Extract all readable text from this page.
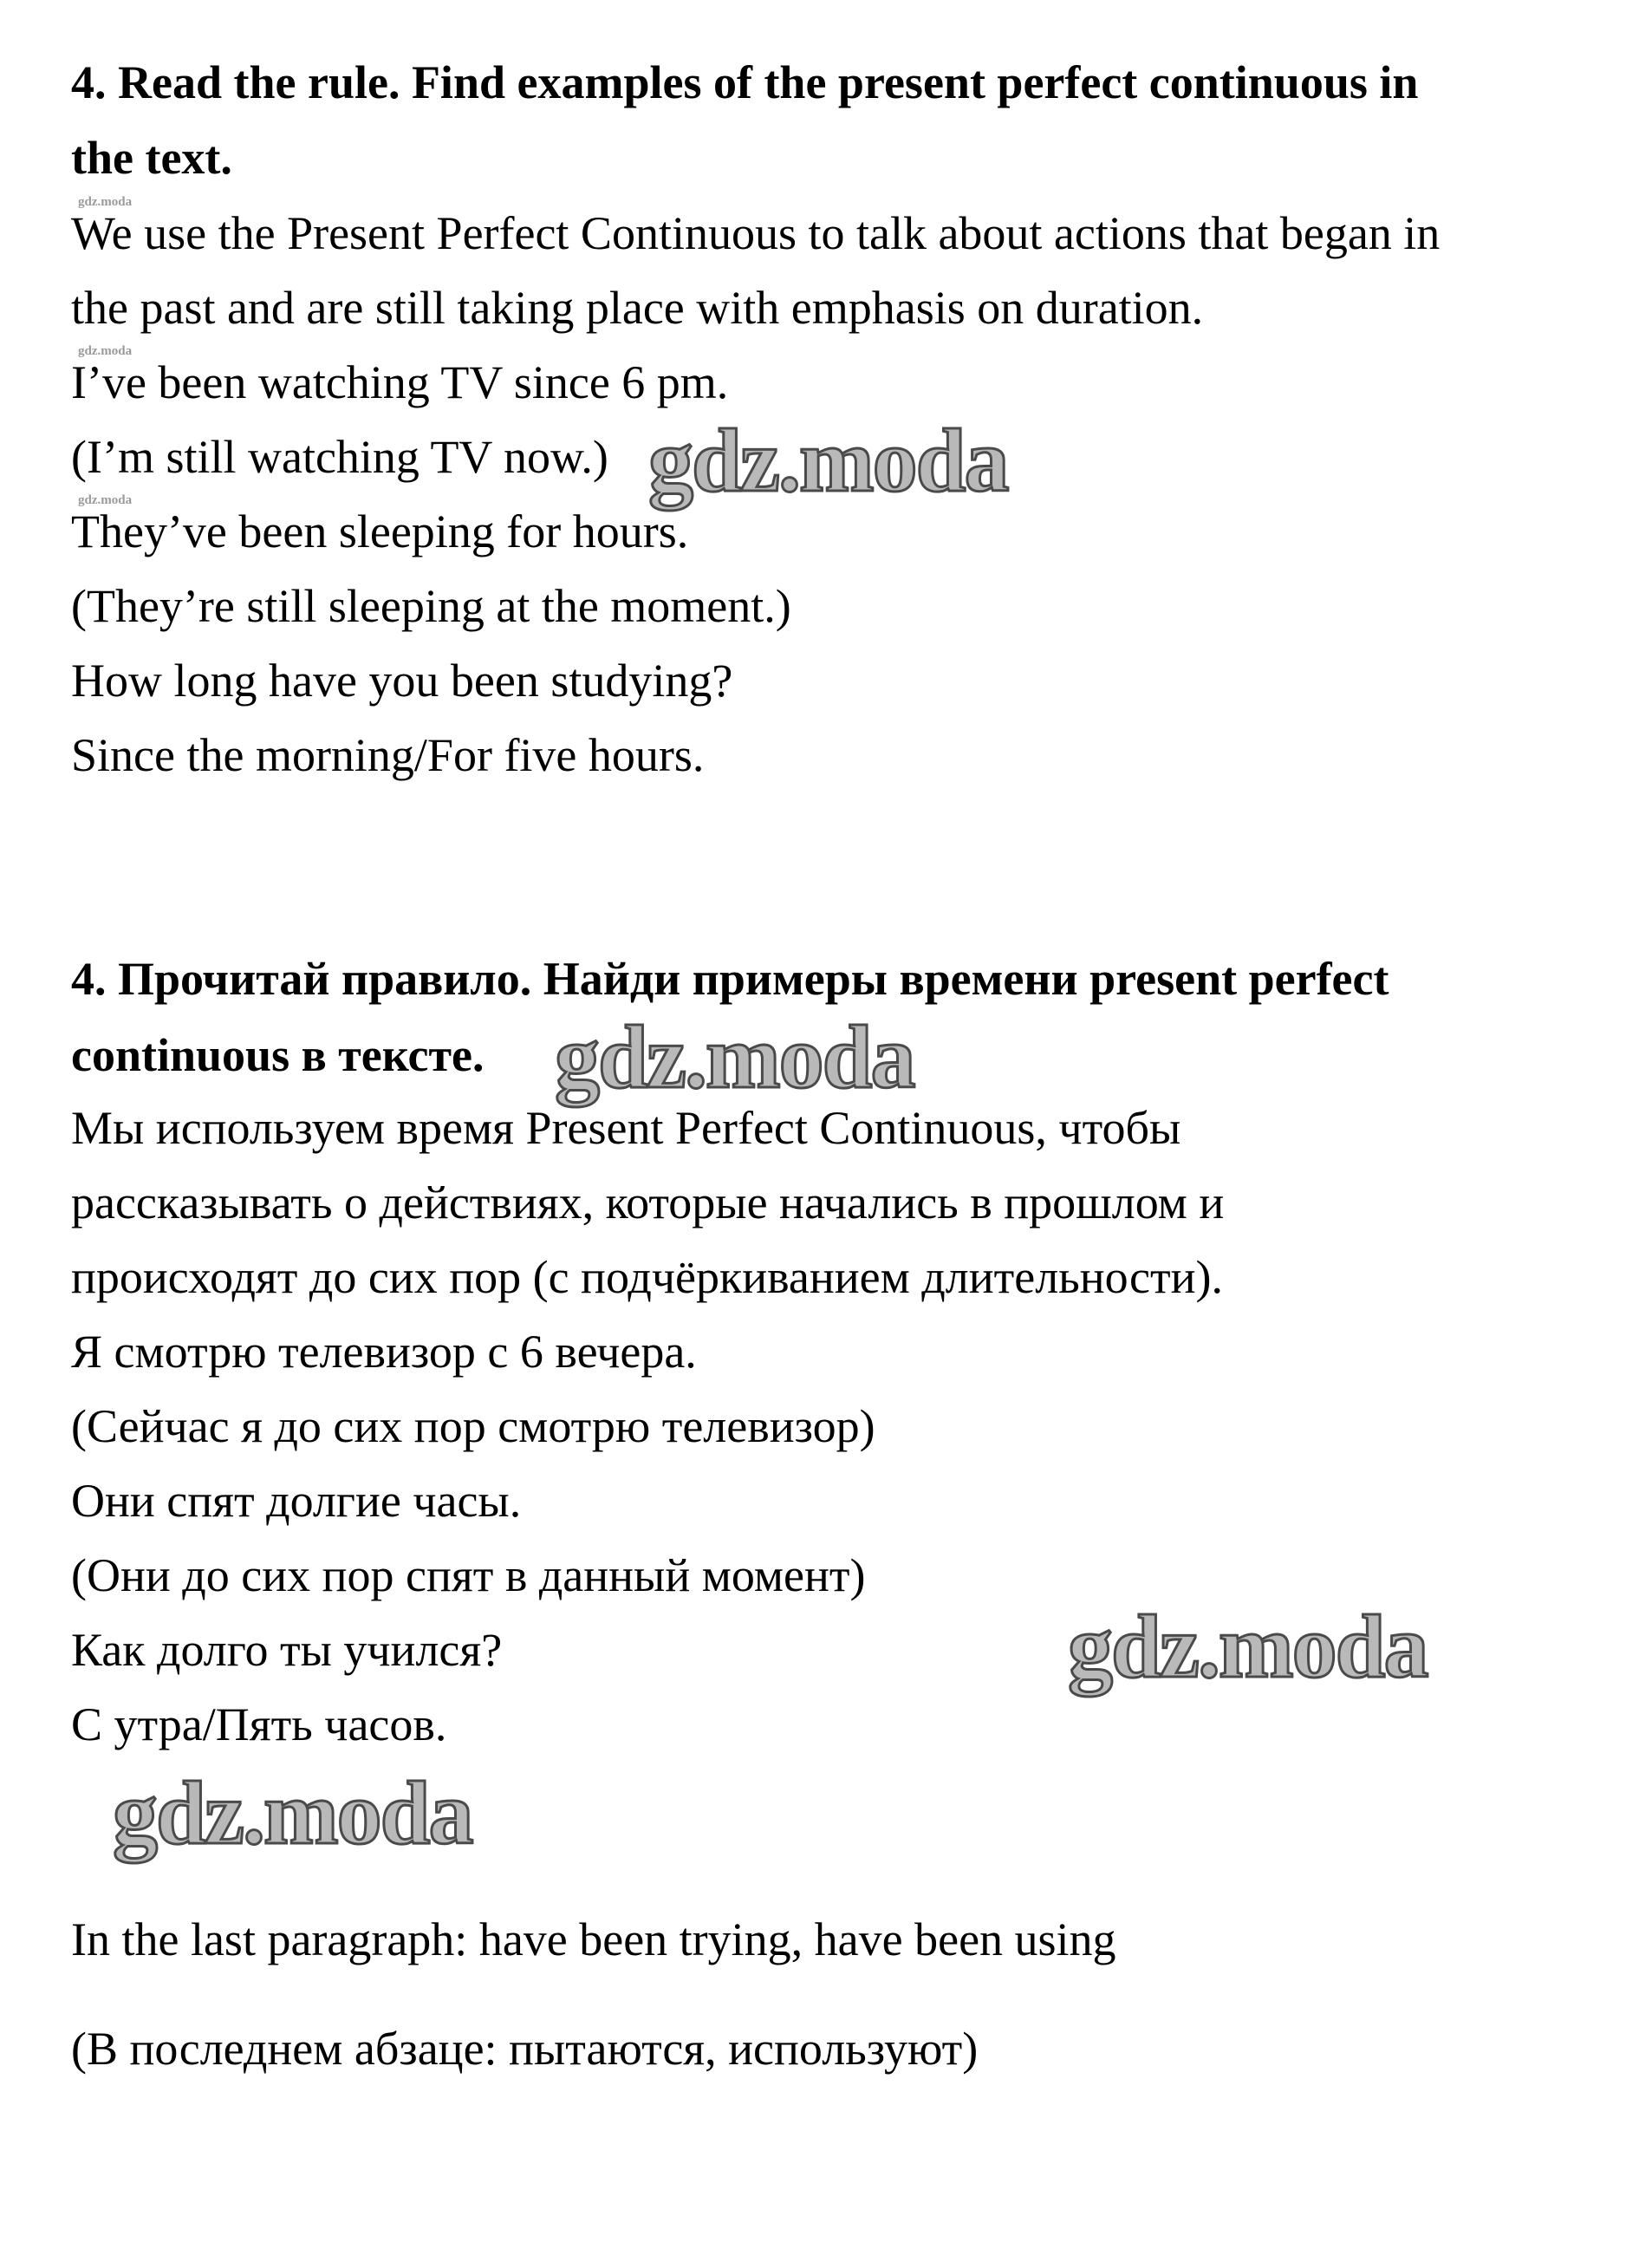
4. Read the rule. Find examples of the present perfect continuous in
the text.
gdz.moda
We use the Present Perfect Continuous to talk about actions that began in
the past and are still taking place with emphasis on duration.
gdz.moda
I’ve been watching TV since 6 pm.
(I’m still watching TV now.)
gdz.moda
They’ve been sleeping for hours.
(They’re still sleeping at the moment.)
How long have you been studying?
Since the morning/For five hours.
4. Прочитай правило. Найди примеры времени present perfect
continuous в тексте.
Мы используем время Present Perfect Continuous, чтобы
рассказывать о действиях, которые начались в прошлом и
происходят до сих пор (с подчёркиванием длительности).
Я смотрю телевизор с 6 вечера.
(Сейчас я до сих пор смотрю телевизор)
Они спят долгие часы.
(Они до сих пор спят в данный момент)
Как долго ты учился?
С утра/Пять часов.
In the last paragraph: have been trying, have been using
(В последнем абзаце: пытаются, используют)
gdz.moda
gdz.moda
gdz.moda
gdz.moda
